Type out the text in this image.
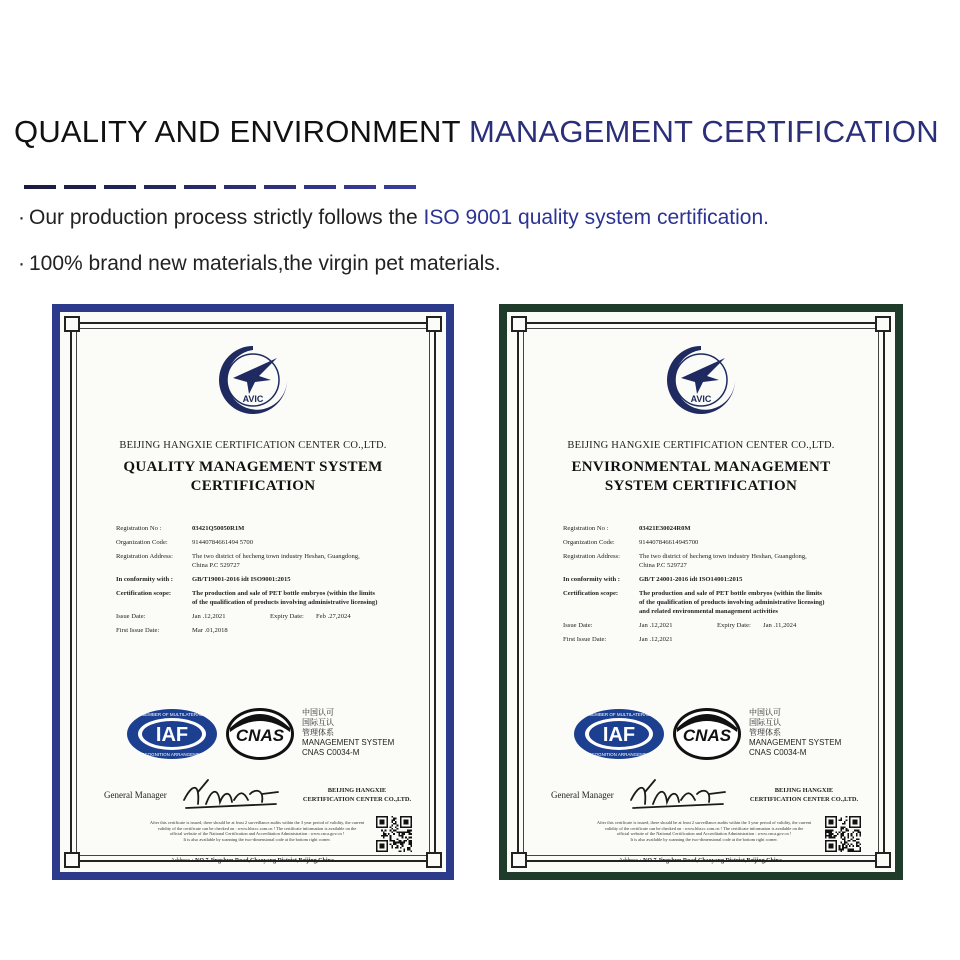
QUALITY AND ENVIRONMENT MANAGEMENT CERTIFICATION
· Our production process strictly follows the ISO 9001 quality system certification.
· 100% brand new materials,the virgin pet materials.
AVIC
BEIJING HANGXIE CERTIFICATION CENTER CO.,LTD.
QUALITY MANAGEMENT SYSTEM
CERTIFICATION
Registration No :	03421Q50050R1M
Organization Code:	91440784661494 5700
Registration Address:	The two district of hecheng town industry Heshan, Guangdong,
China P.C 529727
In conformity with :	GB/T19001-2016 idt ISO9001:2015
Certification scope:	The production and sale of PET bottle embryos (within the limits
of the qualification of products involving administrative licensing)
Issue Date:	Jan .12,2021	Expiry Date:	Feb .27,2024
First Issue Date:	Mar .01,2018
IAF
MEMBER OF MULTILATERAL
RECOGNITION ARRANGEMENT
CNAS
中国认可
国际互认
管理体系
MANAGEMENT SYSTEM
CNAS C0034-M
General Manager	BEIJING HANGXIE
CERTIFICATION CENTER CO.,LTD.
After this certificate is issued, there should be at least 2 surveillance audits within the 3 year period of validity, the current
validity of the certificate can be checked on : www.hhxcc.com.cn ! The certificate information is available on the
official website of the National Certification and Accreditation Administration : www.cnca.gov.cn !
It is also available by scanning the two-dimensional code at the bottom right corner.
Address : NO.7 Jingshun Road,Chaoyang District,Beijing,China.
AVIC
BEIJING HANGXIE CERTIFICATION CENTER CO.,LTD.
ENVIRONMENTAL MANAGEMENT
SYSTEM CERTIFICATION
Registration No :	03421E30024R0M
Organization Code:	914407846614945700
Registration Address:	The two district of hecheng town industry Heshan, Guangdong,
China P.C 529727
In conformity with :	GB/T 24001-2016 idt ISO14001:2015
Certification scope:	The production and sale of PET bottle embryos (within the limits
of the qualification of products involving administrative licensing)
and related environmental management activities
Issue Date:	Jan .12,2021	Expiry Date:	Jan .11,2024
First Issue Date:	Jan .12,2021
IAF
MEMBER OF MULTILATERAL
RECOGNITION ARRANGEMENT
CNAS
中国认可
国际互认
管理体系
MANAGEMENT SYSTEM
CNAS C0034-M
General Manager	BEIJING HANGXIE
CERTIFICATION CENTER CO.,LTD.
After this certificate is issued, there should be at least 2 surveillance audits within the 3 year period of validity, the current
validity of the certificate can be checked on : www.hhxcc.com.cn ! The certificate information is available on the
official website of the National Certification and Accreditation Administration : www.cnca.gov.cn !
It is also available by scanning the two-dimensional code at the bottom right corner.
Address : NO.7 Jingshun Road,Chaoyang District,Beijing,China.
